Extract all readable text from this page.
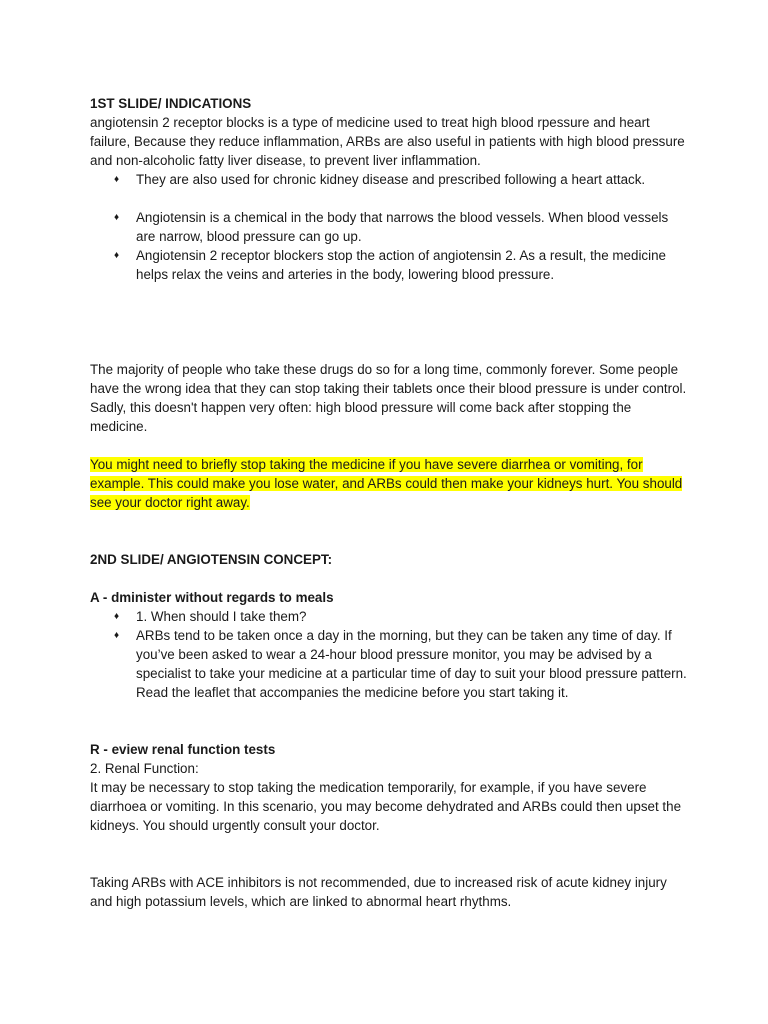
1ST SLIDE/ INDICATIONS

angiotensin 2 receptor blocks is a type of medicine used to treat high blood rpessure and heart failure, Because they reduce inflammation, ARBs are also useful in patients with high blood pressure and non-alcoholic fatty liver disease, to prevent liver inflammation.

♦ They are also used for chronic kidney disease and prescribed following a heart attack.
♦ Angiotensin is a chemical in the body that narrows the blood vessels. When blood vessels are narrow, blood pressure can go up.
♦ Angiotensin 2 receptor blockers stop the action of angiotensin 2. As a result, the medicine helps relax the veins and arteries in the body, lowering blood pressure.

The majority of people who take these drugs do so for a long time, commonly forever. Some people have the wrong idea that they can stop taking their tablets once their blood pressure is under control. Sadly, this doesn't happen very often: high blood pressure will come back after stopping the medicine.

You might need to briefly stop taking the medicine if you have severe diarrhea or vomiting, for example. This could make you lose water, and ARBs could then make your kidneys hurt. You should see your doctor right away.

2ND SLIDE/ ANGIOTENSIN CONCEPT:

A - dminister without regards to meals

♦ 1. When should I take them?
♦ ARBs tend to be taken once a day in the morning, but they can be taken any time of day. If you’ve been asked to wear a 24-hour blood pressure monitor, you may be advised by a specialist to take your medicine at a particular time of day to suit your blood pressure pattern. Read the leaflet that accompanies the medicine before you start taking it.

R - eview renal function tests

2. Renal Function:

It may be necessary to stop taking the medication temporarily, for example, if you have severe diarrhoea or vomiting. In this scenario, you may become dehydrated and ARBs could then upset the kidneys. You should urgently consult your doctor.

Taking ARBs with ACE inhibitors is not recommended, due to increased risk of acute kidney injury and high potassium levels, which are linked to abnormal heart rhythms.
